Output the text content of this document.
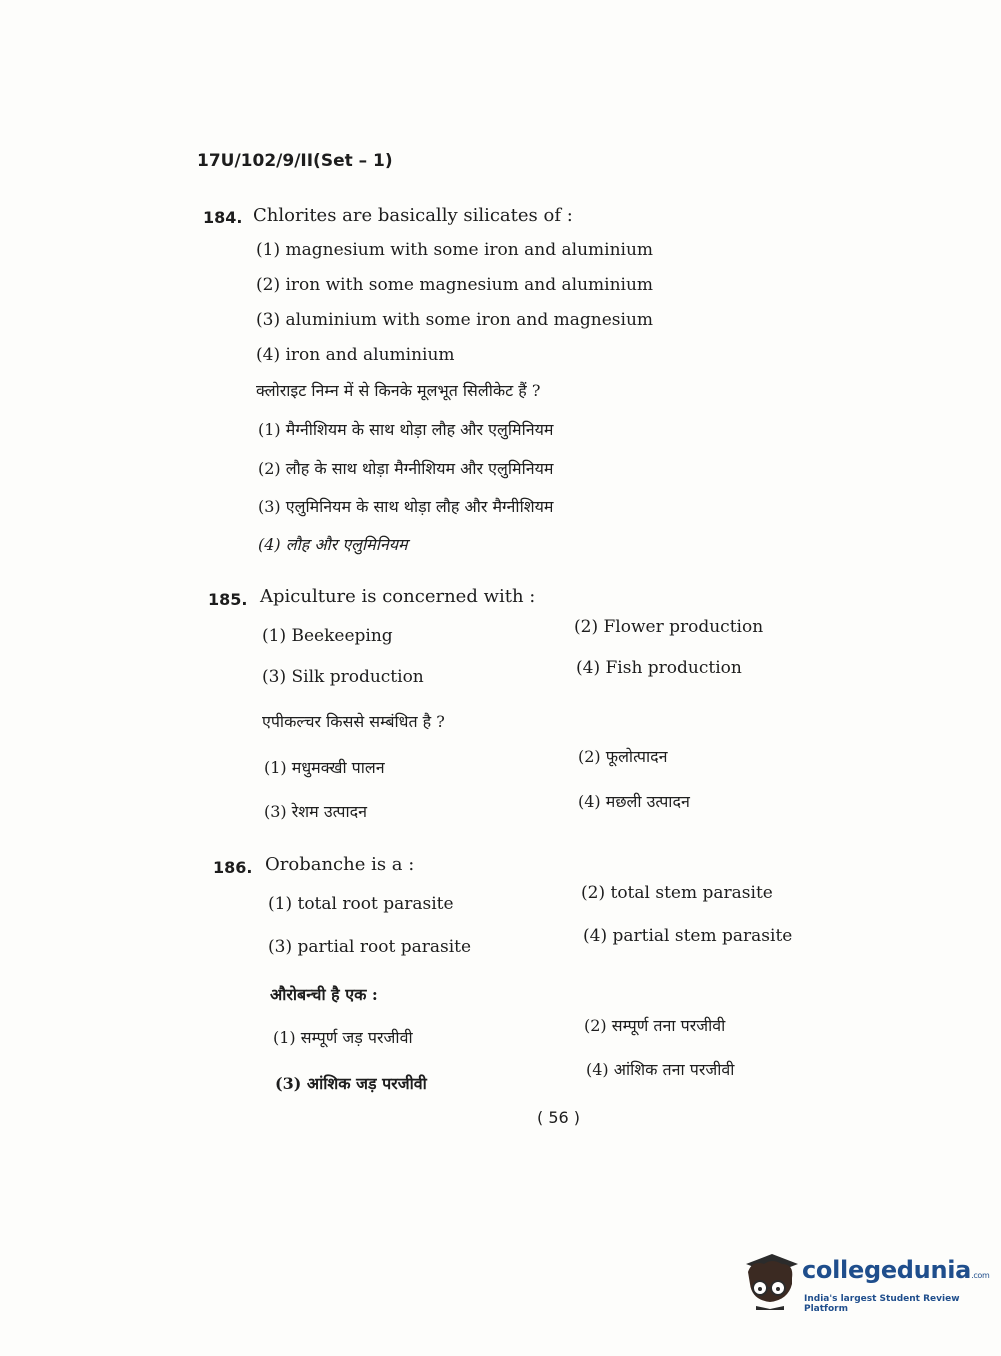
17U/102/9/II(Set – 1)
184. Chlorites are basically silicates of :
(1) magnesium with some iron and aluminium
(2) iron with some magnesium and aluminium
(3) aluminium with some iron and magnesium
(4) iron and aluminium
क्लोराइट निम्न में से किनके मूलभूत सिलीकेट हैं ?
(1) मैग्नीशियम के साथ थोड़ा लौह और एलुमिनियम
(2) लौह के साथ थोड़ा मैग्नीशियम और एलुमिनियम
(3) एलुमिनियम के साथ थोड़ा लौह और मैग्नीशियम
(4) लौह और एलुमिनियम
185. Apiculture is concerned with :
(1) Beekeeping	(2) Flower production
(3) Silk production	(4) Fish production
एपीकल्चर किससे सम्बंधित है ?
(1) मधुमक्खी पालन
(2) फूलोत्पादन
(3) रेशम उत्पादन
(4) मछली उत्पादन
186. Orobanche is a :
(1) total root parasite
(2) total stem parasite
(3) partial root parasite
(4) partial stem parasite
औरोबन्ची है एक :
(1) सम्पूर्ण जड़ परजीवी
(2) सम्पूर्ण तना परजीवी
(3) आंशिक जड़ परजीवी
(4) आंशिक तना परजीवी
( 56 )
collegedunia.com
India's largest Student Review Platform
